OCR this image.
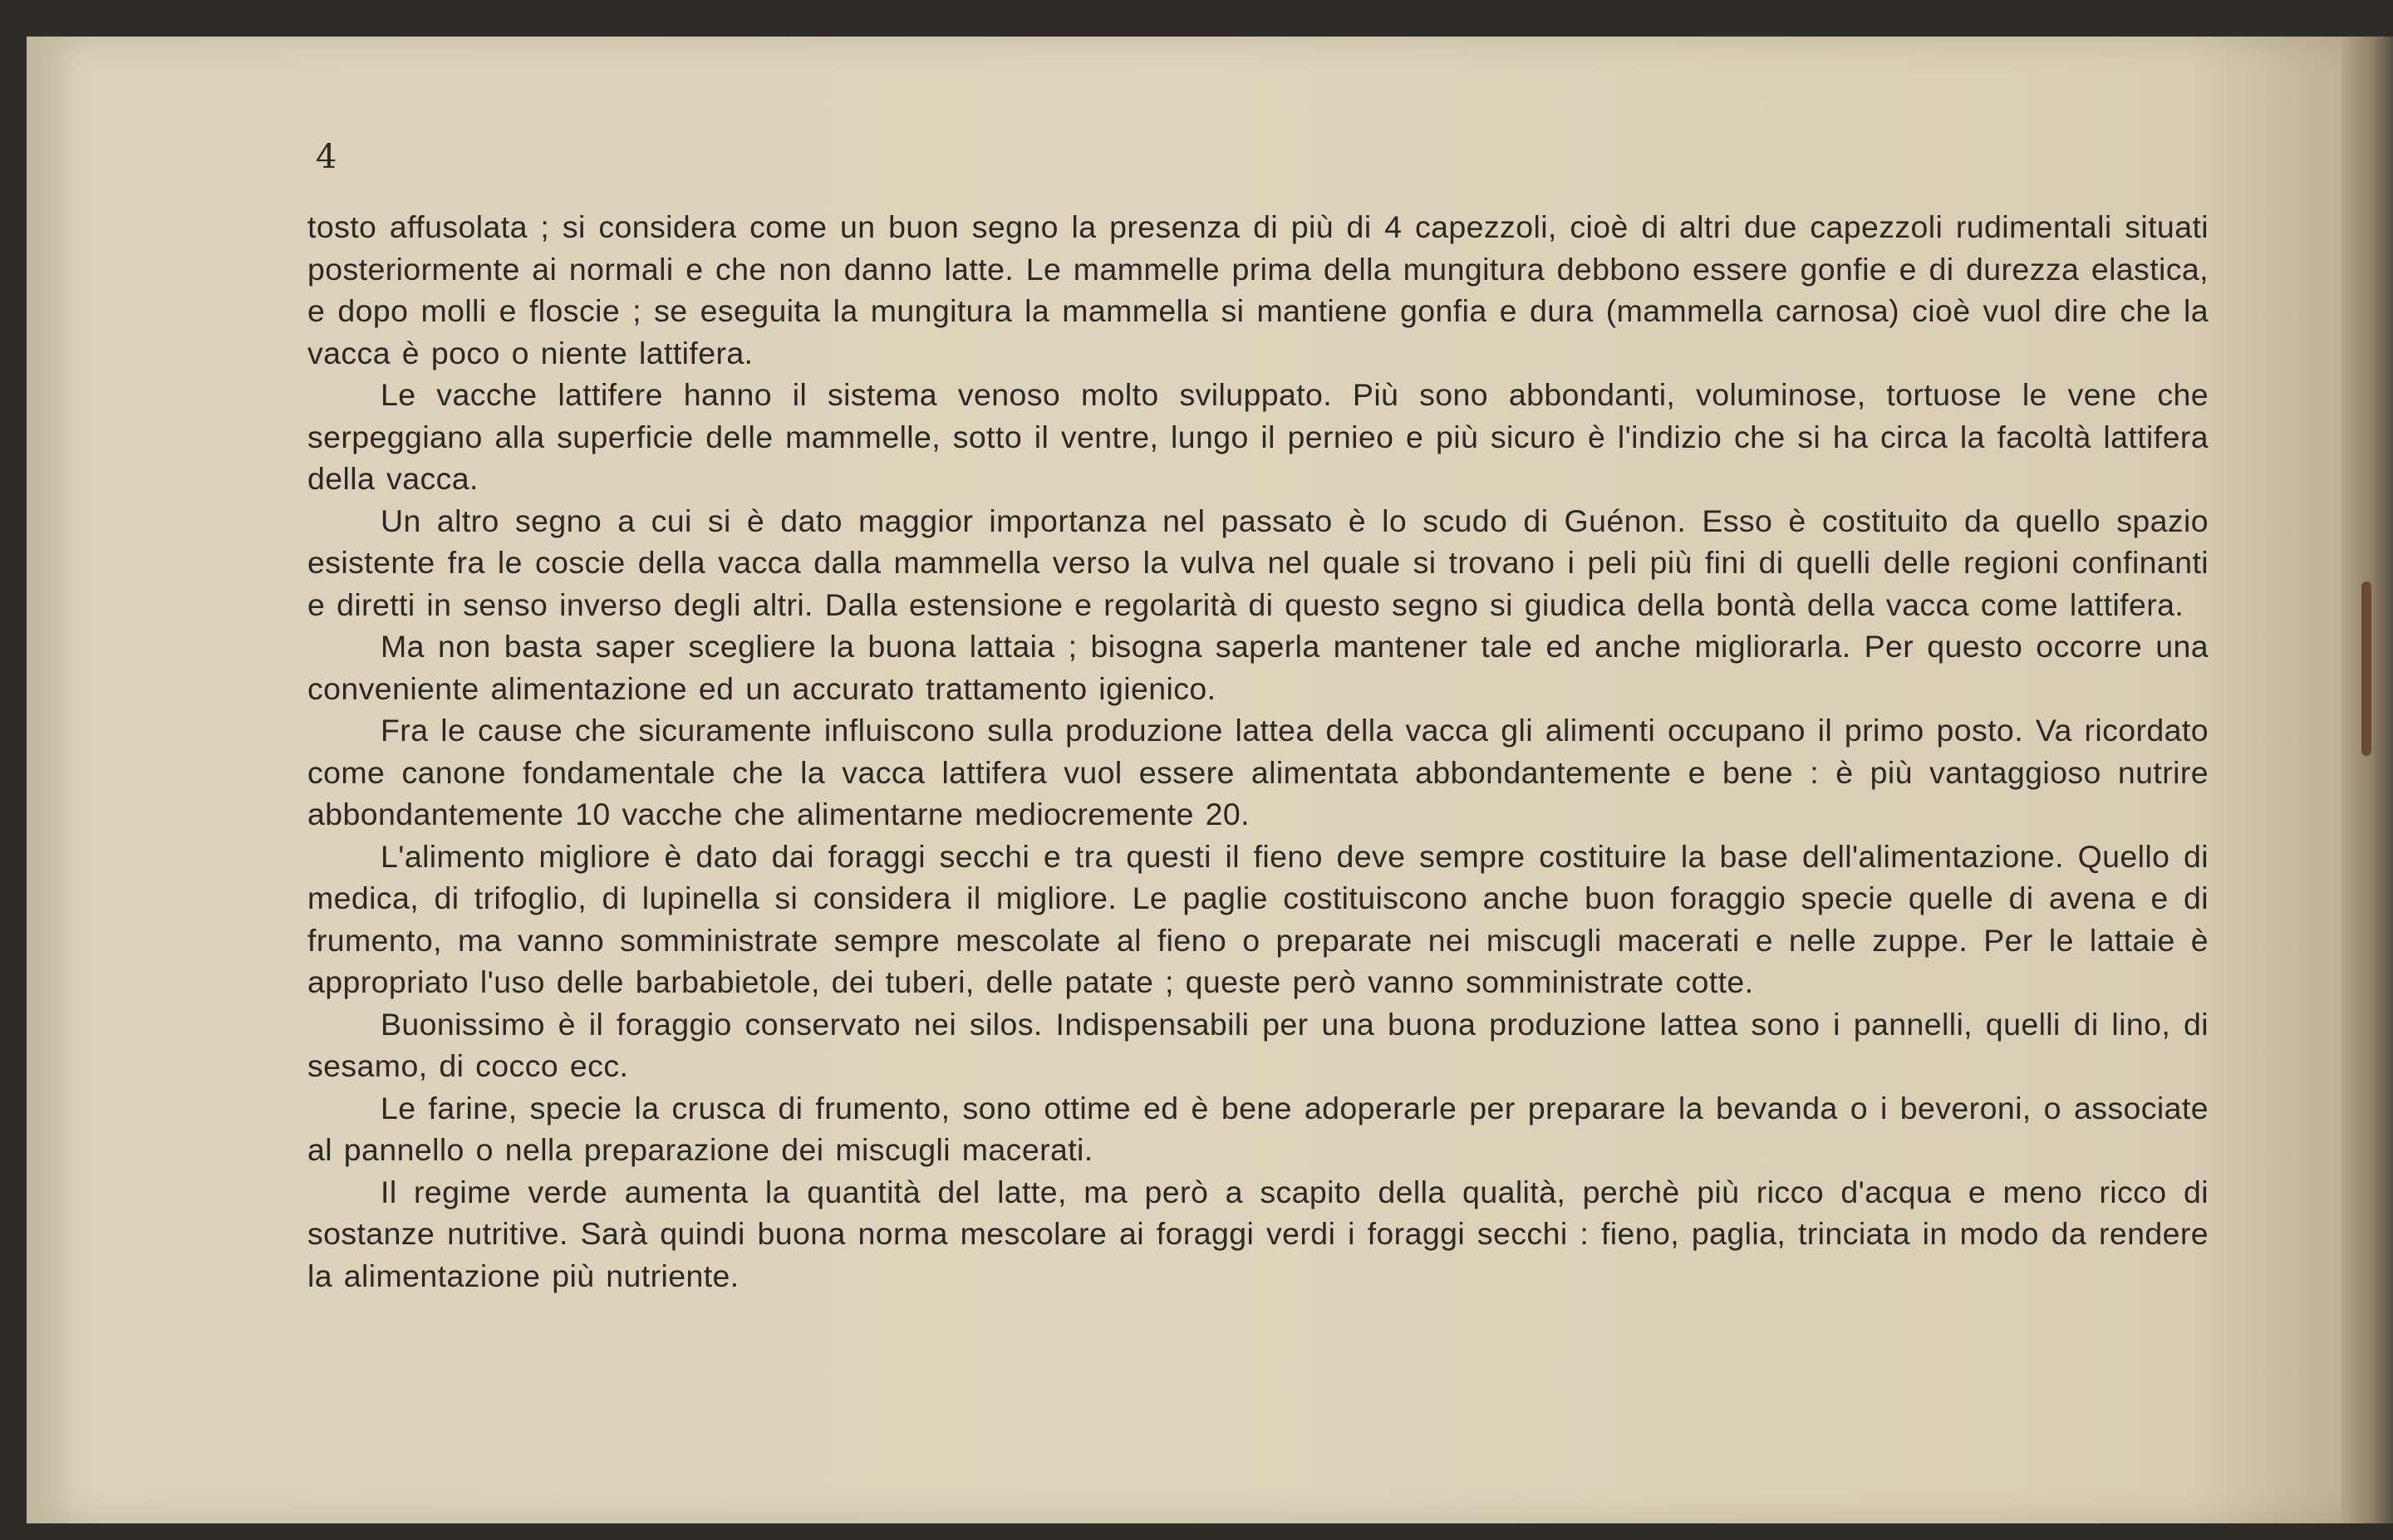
4

tosto affusolata ; si considera come un buon segno la presenza di più di 4 capezzoli, cioè di altri due capezzoli rudimentali situati posteriormente ai normali e che non danno latte. Le mammelle prima della mungitura debbono essere gonfie e di durezza elastica, e dopo molli e floscie ; se eseguita la mungitura la mammella si mantiene gonfia e dura (mammella carnosa) cioè vuol dire che la vacca è poco o niente lattifera.

Le vacche lattifere hanno il sistema venoso molto sviluppato. Più sono abbondanti, voluminose, tortuose le vene che serpeggiano alla superficie delle mammelle, sotto il ventre, lungo il pernieo e più sicuro è l'indizio che si ha circa la facoltà lattifera della vacca.

Un altro segno a cui si è dato maggior importanza nel passato è lo scudo di Guénon. Esso è costituito da quello spazio esistente fra le coscie della vacca dalla mammella verso la vulva nel quale si trovano i peli più fini di quelli delle regioni confinanti e diretti in senso inverso degli altri. Dalla estensione e regolarità di questo segno si giudica della bontà della vacca come lattifera.

Ma non basta saper scegliere la buona lattaia ; bisogna saperla mantener tale ed anche migliorarla. Per questo occorre una conveniente alimentazione ed un accurato trattamento igienico.

Fra le cause che sicuramente influiscono sulla produzione lattea della vacca gli alimenti occupano il primo posto. Va ricordato come canone fondamentale che la vacca lattifera vuol essere alimentata abbondantemente e bene : è più vantaggioso nutrire abbondantemente 10 vacche che alimentarne mediocremente 20.

L'alimento migliore è dato dai foraggi secchi e tra questi il fieno deve sempre costituire la base dell'alimentazione. Quello di medica, di trifoglio, di lupinella si considera il migliore. Le paglie costituiscono anche buon foraggio specie quelle di avena e di frumento, ma vanno somministrate sempre mescolate al fieno o preparate nei miscugli macerati e nelle zuppe. Per le lattaie è appropriato l'uso delle barbabietole, dei tuberi, delle patate ; queste però vanno somministrate cotte.

Buonissimo è il foraggio conservato nei silos. Indispensabili per una buona produzione lattea sono i pannelli, quelli di lino, di sesamo, di cocco ecc.

Le farine, specie la crusca di frumento, sono ottime ed è bene adoperarle per preparare la bevanda o i beveroni, o associate al pannello o nella preparazione dei miscugli macerati.

Il regime verde aumenta la quantità del latte, ma però a scapito della qualità, perchè più ricco d'acqua e meno ricco di sostanze nutritive. Sarà quindi buona norma mescolare ai foraggi verdi i foraggi secchi : fieno, paglia, trinciata in modo da rendere la alimentazione più nutriente.
